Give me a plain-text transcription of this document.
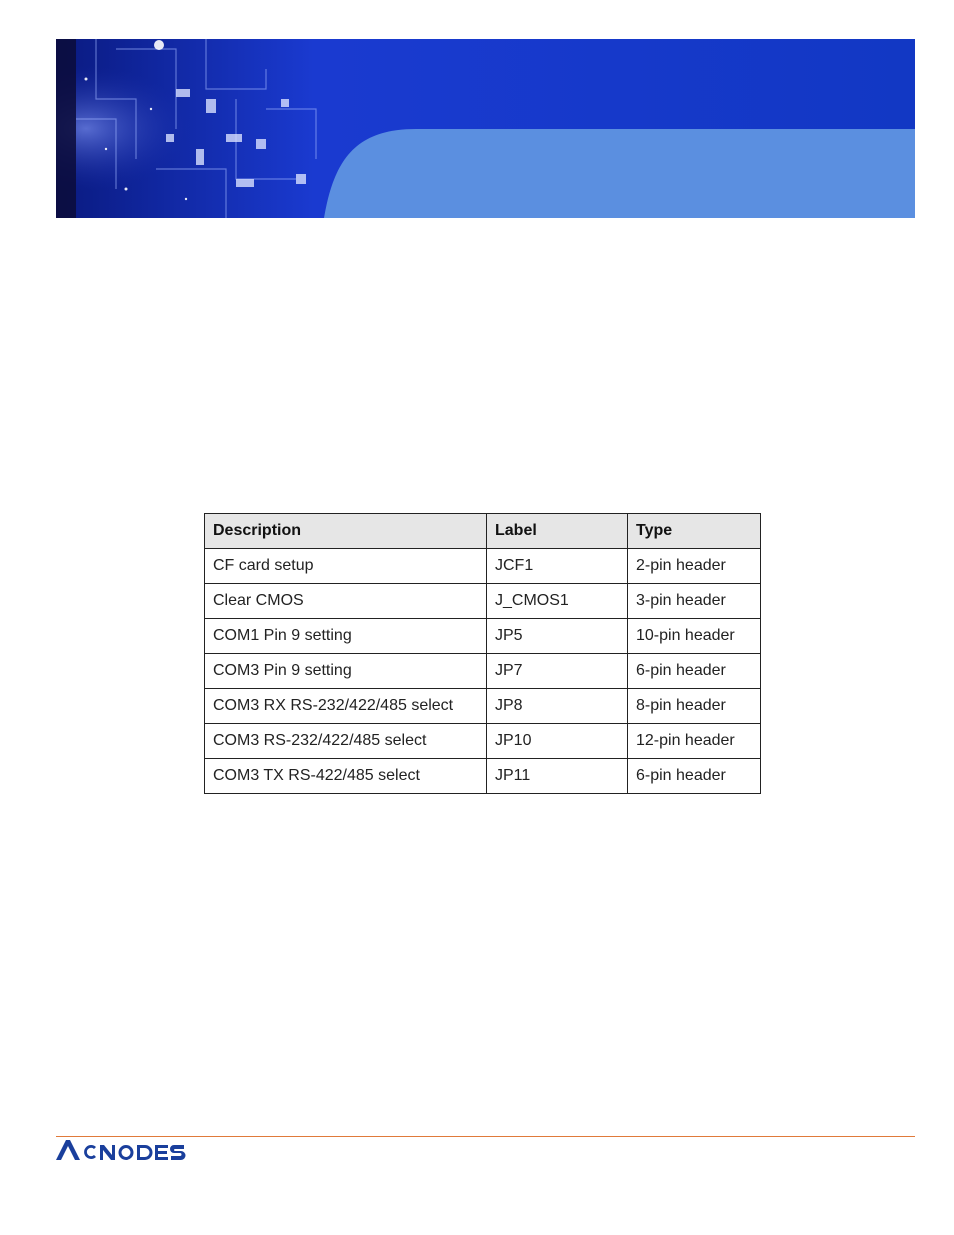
Description	Label	Type
CF card setup	JCF1	2-pin header
Clear CMOS	J_CMOS1	3-pin header
COM1 Pin 9 setting	JP5	10-pin header
COM3 Pin 9 setting	JP7	6-pin header
COM3 RX RS-232/422/485 select	JP8	8-pin header
COM3 RS-232/422/485 select	JP10	12-pin header
COM3 TX RS-422/485 select	JP11	6-pin header
